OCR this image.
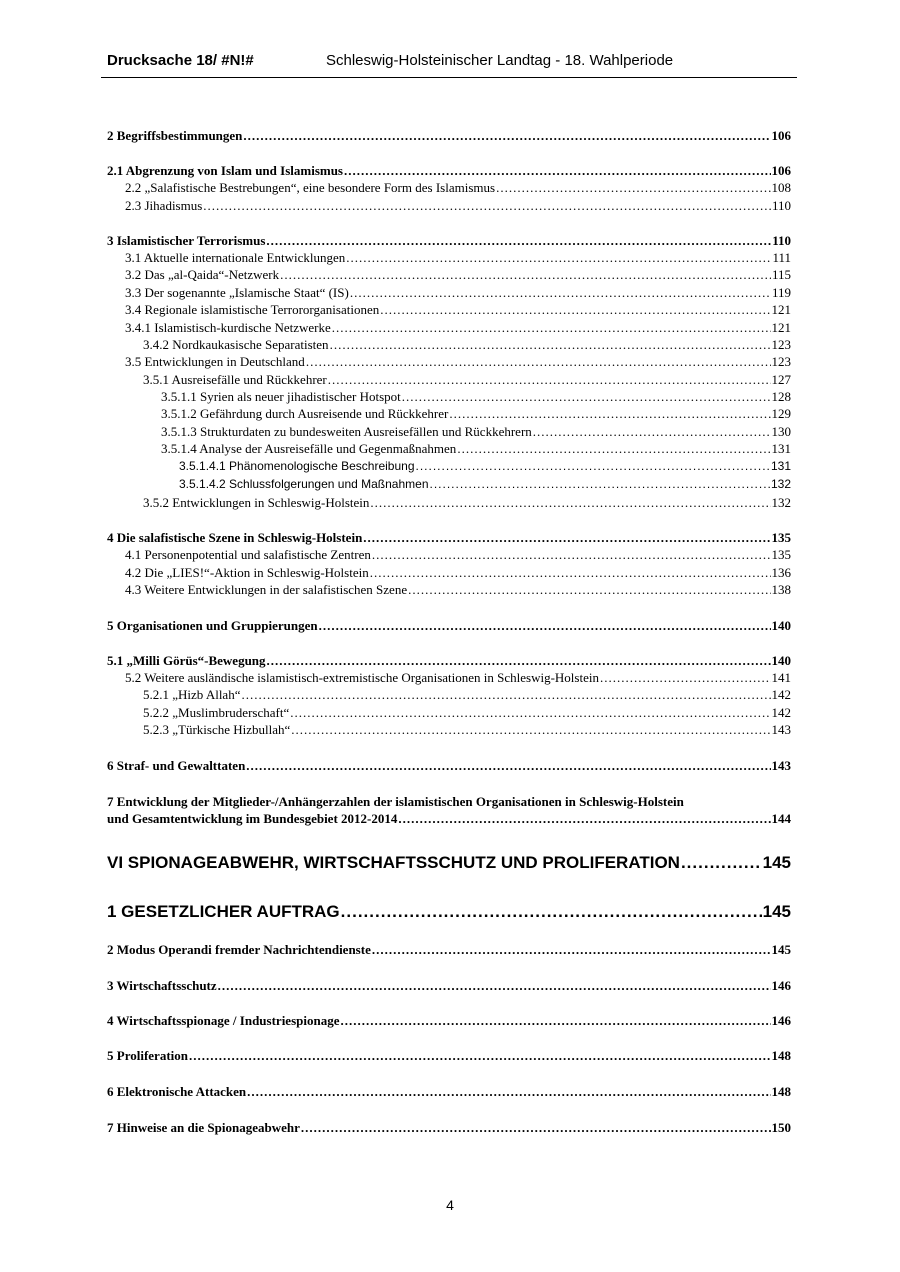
Drucksache 18/ #N!#	Schleswig-Holsteinischer Landtag - 18. Wahlperiode
2 Begriffsbestimmungen .....	106
2.1 Abgrenzung von Islam und Islamismus .....	106
2.2 „Salafistische Bestrebungen“, eine besondere Form des Islamismus .....	108
2.3 Jihadismus .....	110
3 Islamistischer Terrorismus .....	110
3.1 Aktuelle internationale Entwicklungen .....	111
3.2 Das „al-Qaida“-Netzwerk .....	115
3.3 Der sogenannte „Islamische Staat“ (IS) .....	119
3.4 Regionale islamistische Terrororganisationen .....	121
3.4.1 Islamistisch-kurdische Netzwerke .....	121
3.4.2 Nordkaukasische Separatisten .....	123
3.5 Entwicklungen in Deutschland .....	123
3.5.1 Ausreisefälle und Rückkehrer .....	127
3.5.1.1 Syrien als neuer jihadistischer Hotspot .....	128
3.5.1.2 Gefährdung durch Ausreisende und Rückkehrer .....	129
3.5.1.3 Strukturdaten zu bundesweiten Ausreisefällen und Rückkehrern .....	130
3.5.1.4 Analyse der Ausreisefälle und Gegenmaßnahmen .....	131
3.5.1.4.1 Phänomenologische Beschreibung .....	131
3.5.1.4.2 Schlussfolgerungen und Maßnahmen .....	132
3.5.2 Entwicklungen in Schleswig-Holstein .....	132
4 Die salafistische Szene in Schleswig-Holstein .....	135
4.1 Personenpotential und salafistische Zentren .....	135
4.2 Die „LIES!“-Aktion in Schleswig-Holstein .....	136
4.3 Weitere Entwicklungen in der salafistischen Szene .....	138
5 Organisationen und Gruppierungen .....	140
5.1 „Milli Görüs“-Bewegung .....	140
5.2 Weitere ausländische islamistisch-extremistische Organisationen in Schleswig-Holstein .....	141
5.2.1 „Hizb Allah“ .....	142
5.2.2 „Muslimbruderschaft“ .....	142
5.2.3 „Türkische Hizbullah“ .....	143
6 Straf- und Gewalttaten .....	143
7 Entwicklung der Mitglieder-/Anhängerzahlen der islamistischen Organisationen in Schleswig-Holstein
und Gesamtentwicklung im Bundesgebiet 2012-2014 .....	144
VI SPIONAGEABWEHR, WIRTSCHAFTSSCHUTZ UND PROLIFERATION .....	145
1 GESETZLICHER AUFTRAG .....	145
2 Modus Operandi fremder Nachrichtendienste .....	145
3 Wirtschaftsschutz .....	146
4 Wirtschaftsspionage / Industriespionage .....	146
5 Proliferation .....	148
6 Elektronische Attacken .....	148
7 Hinweise an die Spionageabwehr .....	150
4
